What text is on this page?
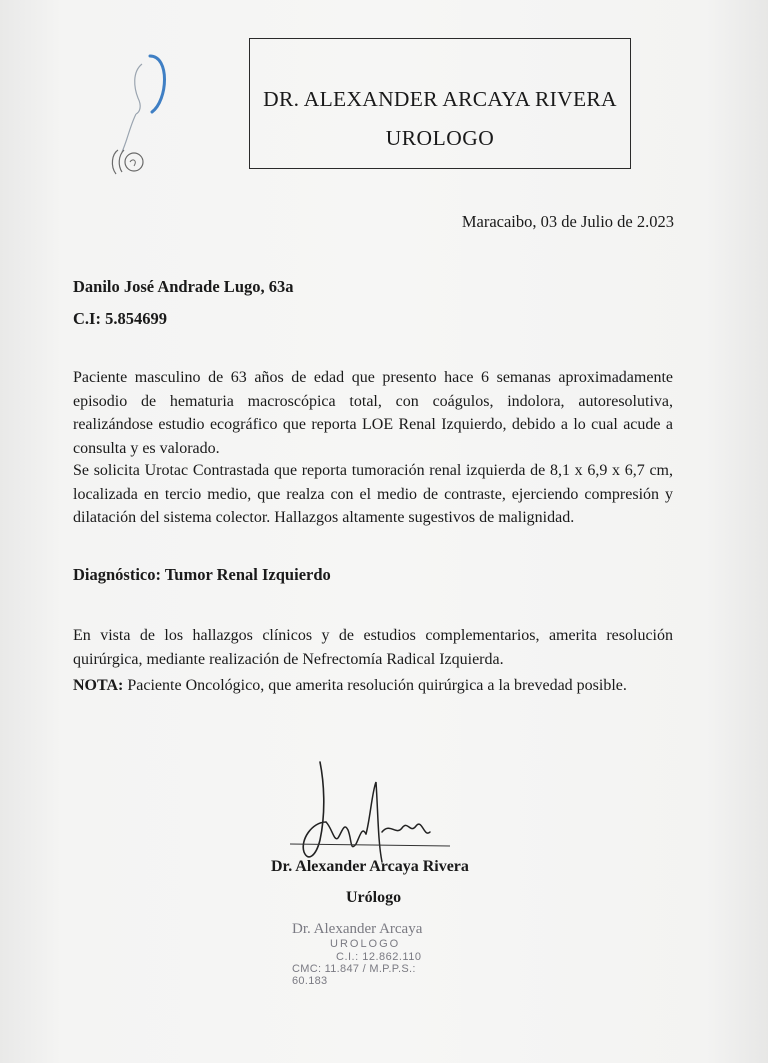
DR. ALEXANDER ARCAYA RIVERA
UROLOGO
Maracaibo, 03 de Julio de 2.023
Danilo José Andrade Lugo, 63a
C.I: 5.854699
Paciente masculino de 63 años de edad que presento hace 6 semanas aproximadamente episodio de hematuria macroscópica total, con coágulos, indolora, autoresolutiva, realizándose estudio ecográfico que reporta LOE Renal Izquierdo, debido a lo cual acude a consulta y es valorado.
Se solicita Urotac Contrastada que reporta tumoración renal izquierda de 8,1 x 6,9 x 6,7 cm, localizada en tercio medio, que realza con el medio de contraste, ejerciendo compresión y dilatación del sistema colector. Hallazgos altamente sugestivos de malignidad.
Diagnóstico: Tumor Renal Izquierdo
En vista de los hallazgos clínicos y de estudios complementarios, amerita resolución quirúrgica, mediante realización de Nefrectomía Radical Izquierda.
NOTA: Paciente Oncológico, que amerita resolución quirúrgica a la brevedad posible.
Dr. Alexander Arcaya Rivera
Urólogo
Dr. Alexander Arcaya
UROLOGO
C.I.: 12.862.110
CMC: 11.847 / M.P.P.S.: 60.183
